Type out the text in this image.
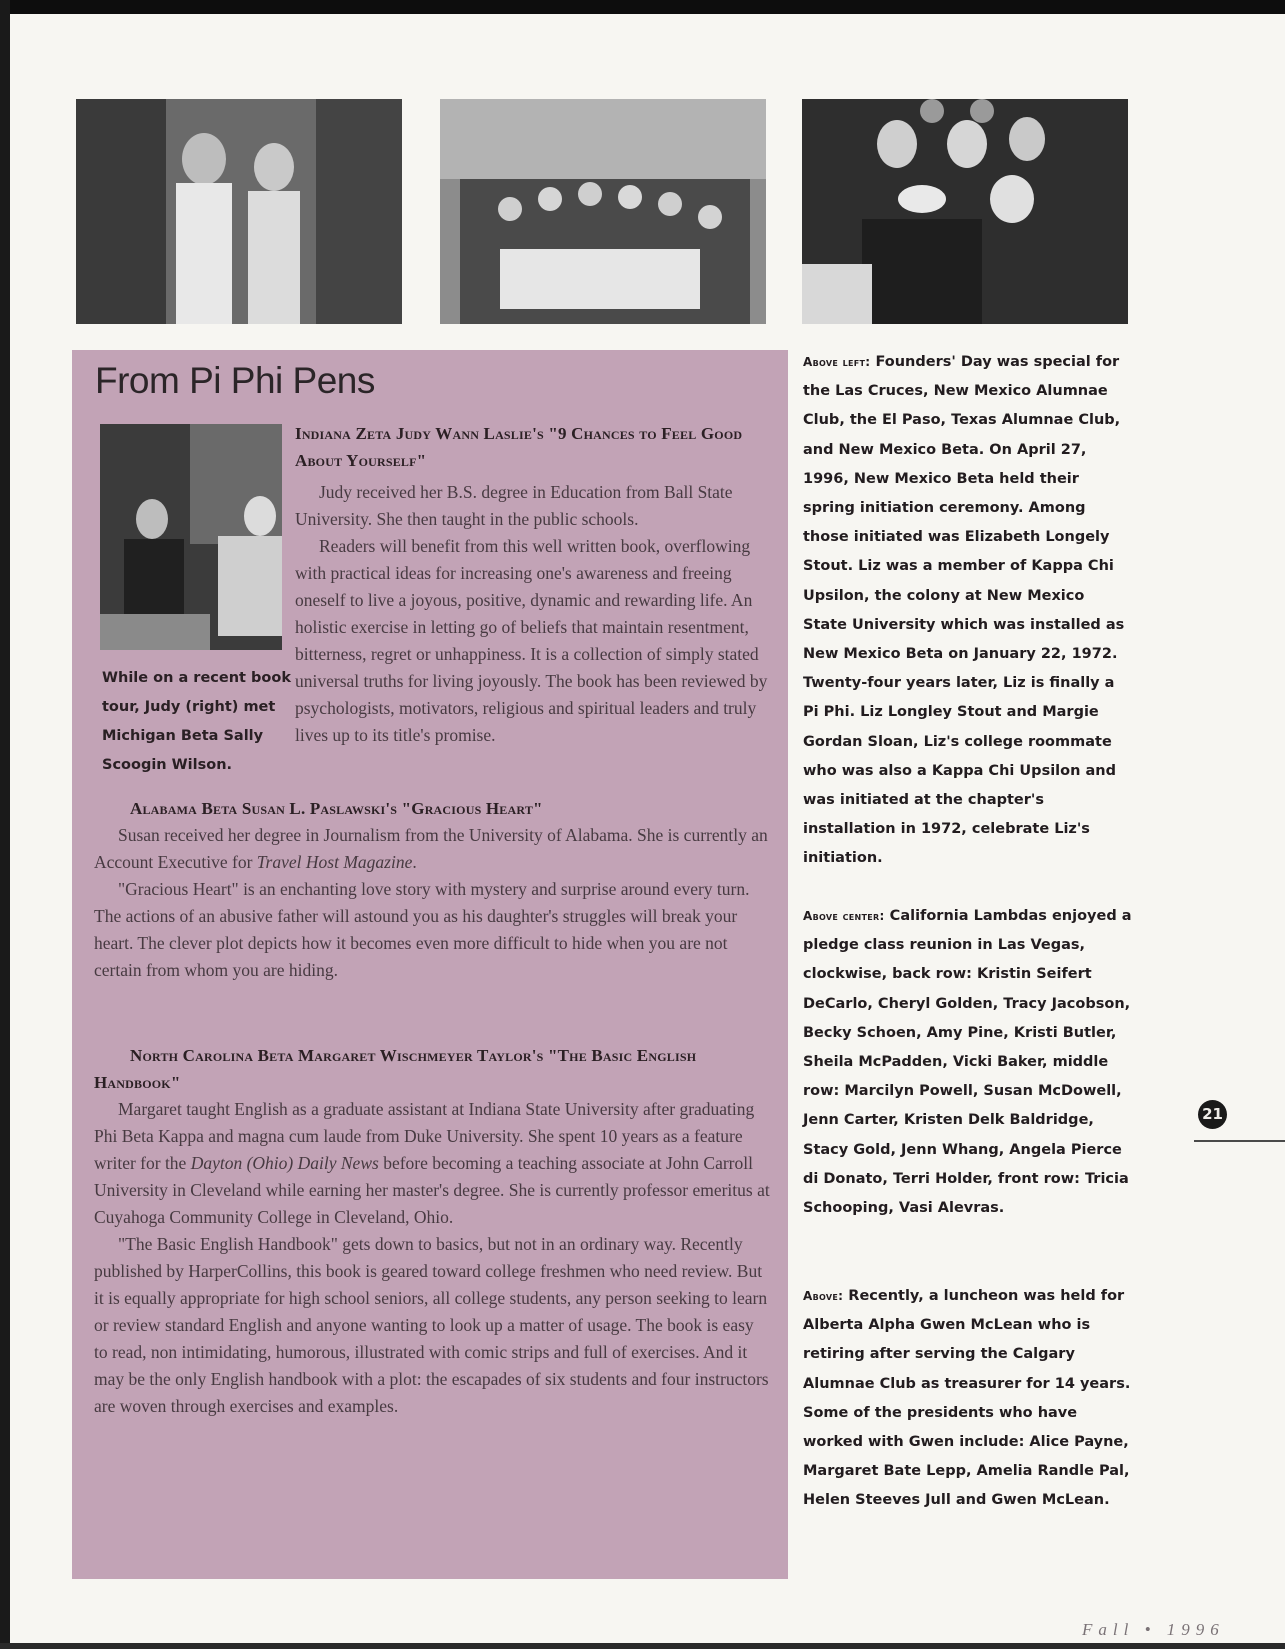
From Pi Phi Pens

While on a recent book tour, Judy (right) met Michigan Beta Sally Scoogin Wilson.

Indiana Zeta Judy Wann Laslie's "9 Chances to Feel Good About Yourself"

Judy received her B.S. degree in Education from Ball State University. She then taught in the public schools.

Readers will benefit from this well written book, overflowing with practical ideas for increasing one's awareness and freeing oneself to live a joyous, positive, dynamic and rewarding life. An holistic exercise in letting go of beliefs that maintain resentment, bitterness, regret or unhappiness. It is a collection of simply stated universal truths for living joyously. The book has been reviewed by psychologists, motivators, religious and spiritual leaders and truly lives up to its title's promise.

Alabama Beta Susan L. Paslawski's "Gracious Heart"

Susan received her degree in Journalism from the University of Alabama. She is currently an Account Executive for Travel Host Magazine.

"Gracious Heart" is an enchanting love story with mystery and surprise around every turn. The actions of an abusive father will astound you as his daughter's struggles will break your heart. The clever plot depicts how it becomes even more difficult to hide when you are not certain from whom you are hiding.

North Carolina Beta Margaret Wischmeyer Taylor's "The Basic English Handbook"

Margaret taught English as a graduate assistant at Indiana State University after graduating Phi Beta Kappa and magna cum laude from Duke University. She spent 10 years as a feature writer for the Dayton (Ohio) Daily News before becoming a teaching associate at John Carroll University in Cleveland while earning her master's degree. She is currently professor emeritus at Cuyahoga Community College in Cleveland, Ohio.

"The Basic English Handbook" gets down to basics, but not in an ordinary way. Recently published by HarperCollins, this book is geared toward college freshmen who need review. But it is equally appropriate for high school seniors, all college students, any person seeking to learn or review standard English and anyone wanting to look up a matter of usage. The book is easy to read, non intimidating, humorous, illustrated with comic strips and full of exercises. And it may be the only English handbook with a plot: the escapades of six students and four instructors are woven through exercises and examples.

Above left: Founders' Day was special for the Las Cruces, New Mexico Alumnae Club, the El Paso, Texas Alumnae Club, and New Mexico Beta. On April 27, 1996, New Mexico Beta held their spring initiation ceremony. Among those initiated was Elizabeth Longely Stout. Liz was a member of Kappa Chi Upsilon, the colony at New Mexico State University which was installed as New Mexico Beta on January 22, 1972. Twenty-four years later, Liz is finally a Pi Phi. Liz Longley Stout and Margie Gordan Sloan, Liz's college roommate who was also a Kappa Chi Upsilon and was initiated at the chapter's installation in 1972, celebrate Liz's initiation.

Above center: California Lambdas enjoyed a pledge class reunion in Las Vegas, clockwise, back row: Kristin Seifert DeCarlo, Cheryl Golden, Tracy Jacobson, Becky Schoen, Amy Pine, Kristi Butler, Sheila McPadden, Vicki Baker, middle row: Marcilyn Powell, Susan McDowell, Jenn Carter, Kristen Delk Baldridge, Stacy Gold, Jenn Whang, Angela Pierce di Donato, Terri Holder, front row: Tricia Schooping, Vasi Alevras.

Above: Recently, a luncheon was held for Alberta Alpha Gwen McLean who is retiring after serving the Calgary Alumnae Club as treasurer for 14 years. Some of the presidents who have worked with Gwen include: Alice Payne, Margaret Bate Lepp, Amelia Randle Pal, Helen Steeves Jull and Gwen McLean.

21

Fall • 1996
